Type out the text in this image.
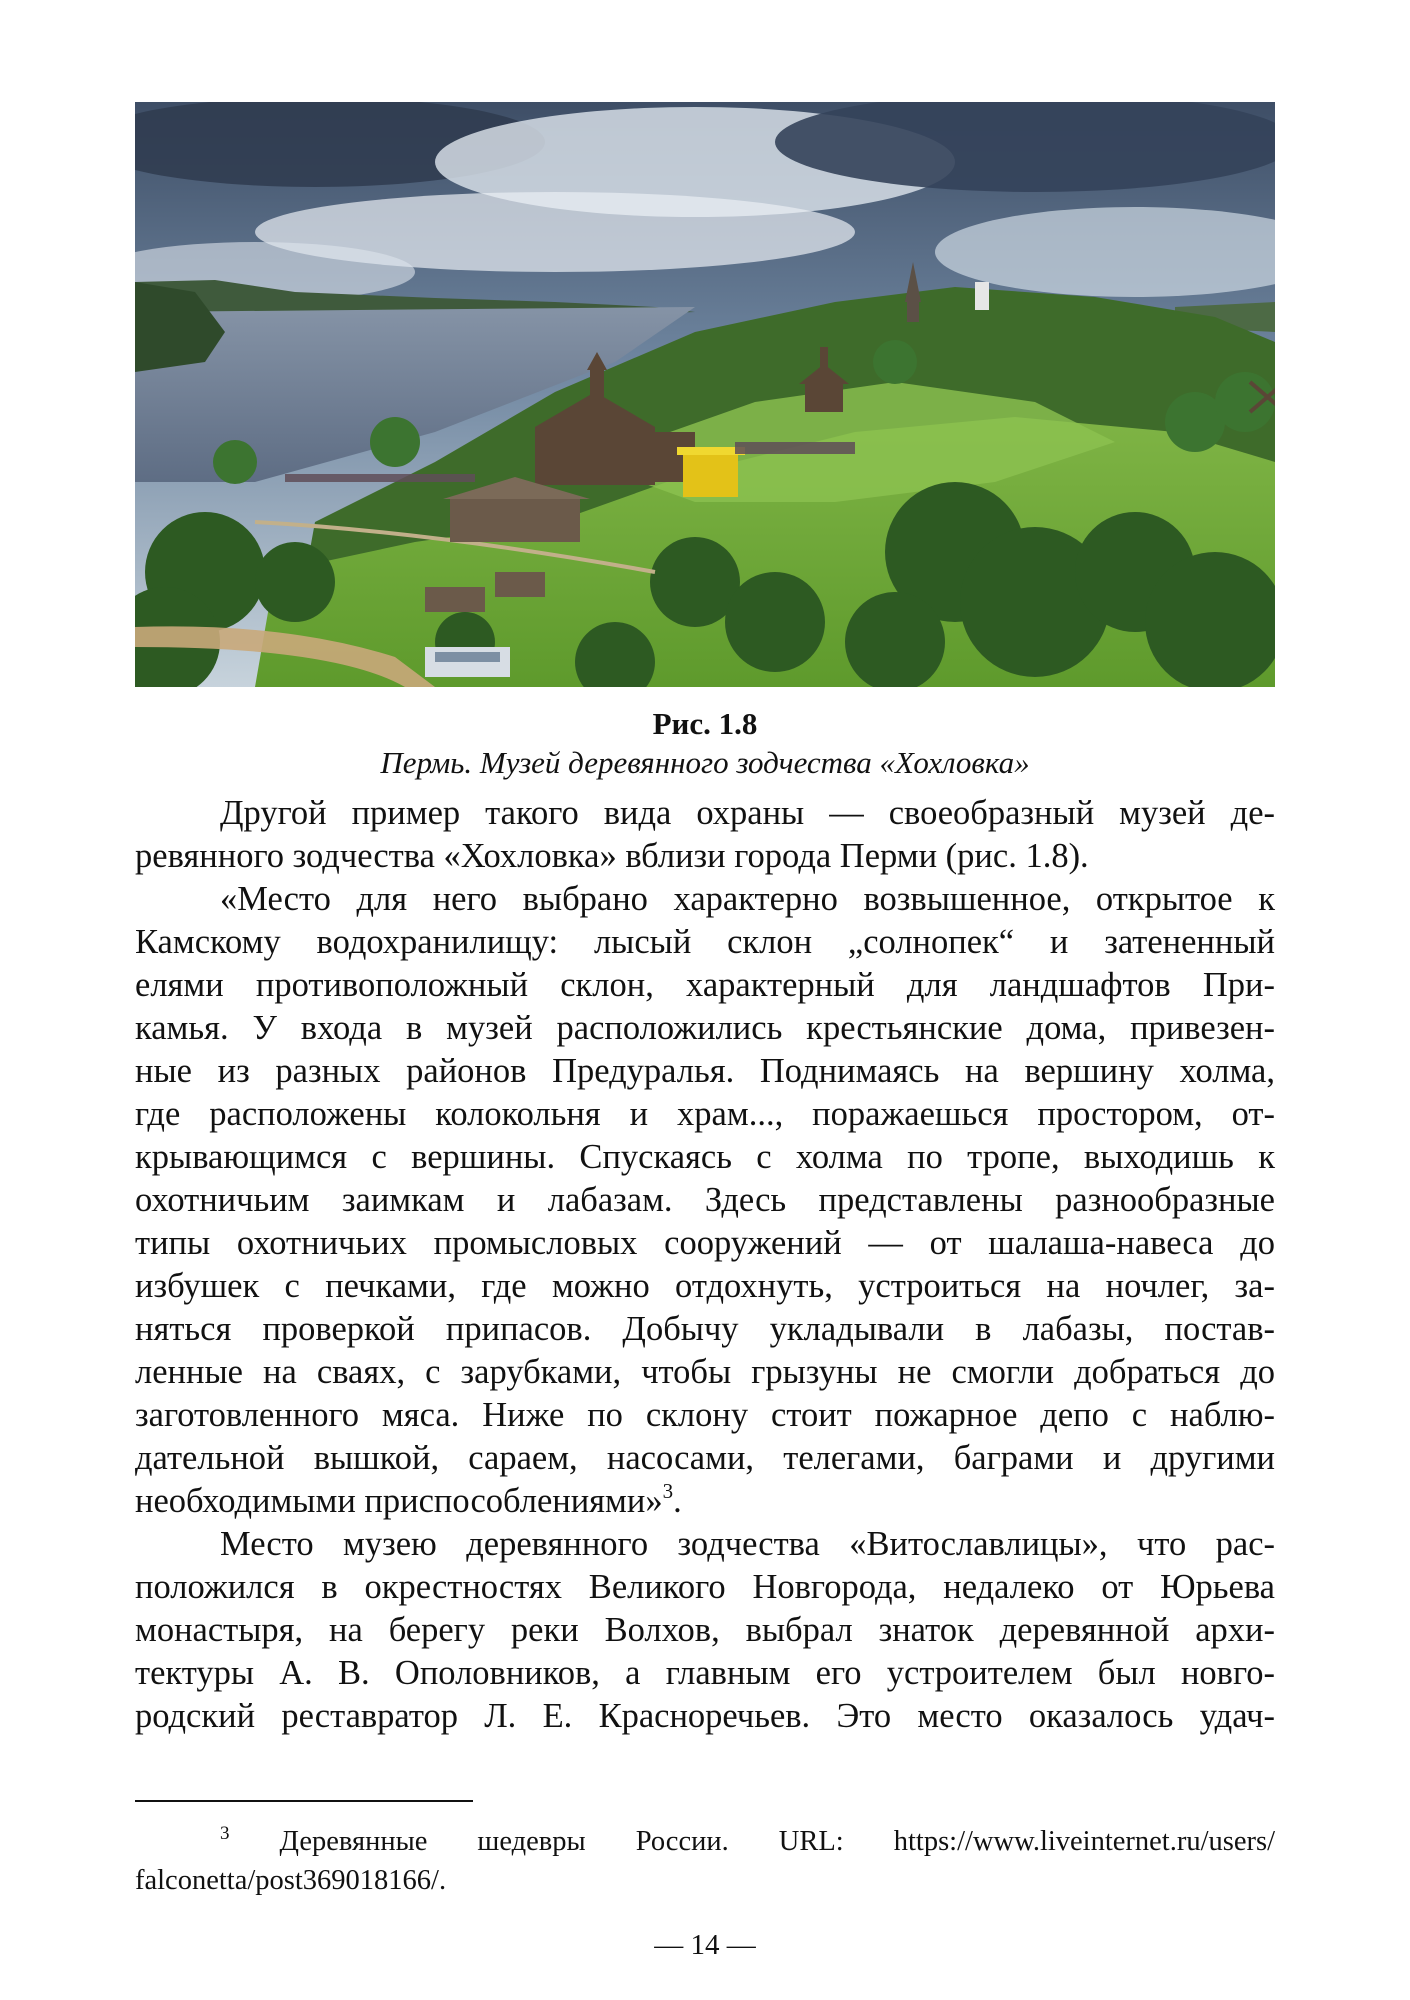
Рис. 1.8
Пермь. Музей деревянного зодчества «Хохловка»

Другой пример такого вида охраны — своеобразный музей де-
ревянного зодчества «Хохловка» вблизи города Перми (рис. 1.8).

«Место для него выбрано характерно возвышенное, открытое к
Камскому водохранилищу: лысый склон „солнопек“ и затененный
елями противоположный склон, характерный для ландшафтов При-
камья. У входа в музей расположились крестьянские дома, привезен-
ные из разных районов Предуралья. Поднимаясь на вершину холма,
где расположены колокольня и храм..., поражаешься простором, от-
крывающимся с вершины. Спускаясь с холма по тропе, выходишь к
охотничьим заимкам и лабазам. Здесь представлены разнообразные
типы охотничьих промысловых сооружений — от шалаша-навеса до
избушек с печками, где можно отдохнуть, устроиться на ночлег, за-
няться проверкой припасов. Добычу укладывали в лабазы, постав-
ленные на сваях, с зарубками, чтобы грызуны не смогли добраться до
заготовленного мяса. Ниже по склону стоит пожарное депо с наблю-
дательной вышкой, сараем, насосами, телегами, баграми и другими
необходимыми приспособлениями»$^3$.

Место музею деревянного зодчества «Витославлицы», что рас-
положился в окрестностях Великого Новгорода, недалеко от Юрьева
монастыря, на берегу реки Волхов, выбрал знаток деревянной архи-
тектуры А. В. Ополовников, а главным его устроителем был новго-
родский реставратор Л. Е. Красноречьев. Это место оказалось удач-

$^3$ Деревянные шедевры России. URL: https://www.liveinternet.ru/users/
falconetta/post369018166/.
— 14 —
